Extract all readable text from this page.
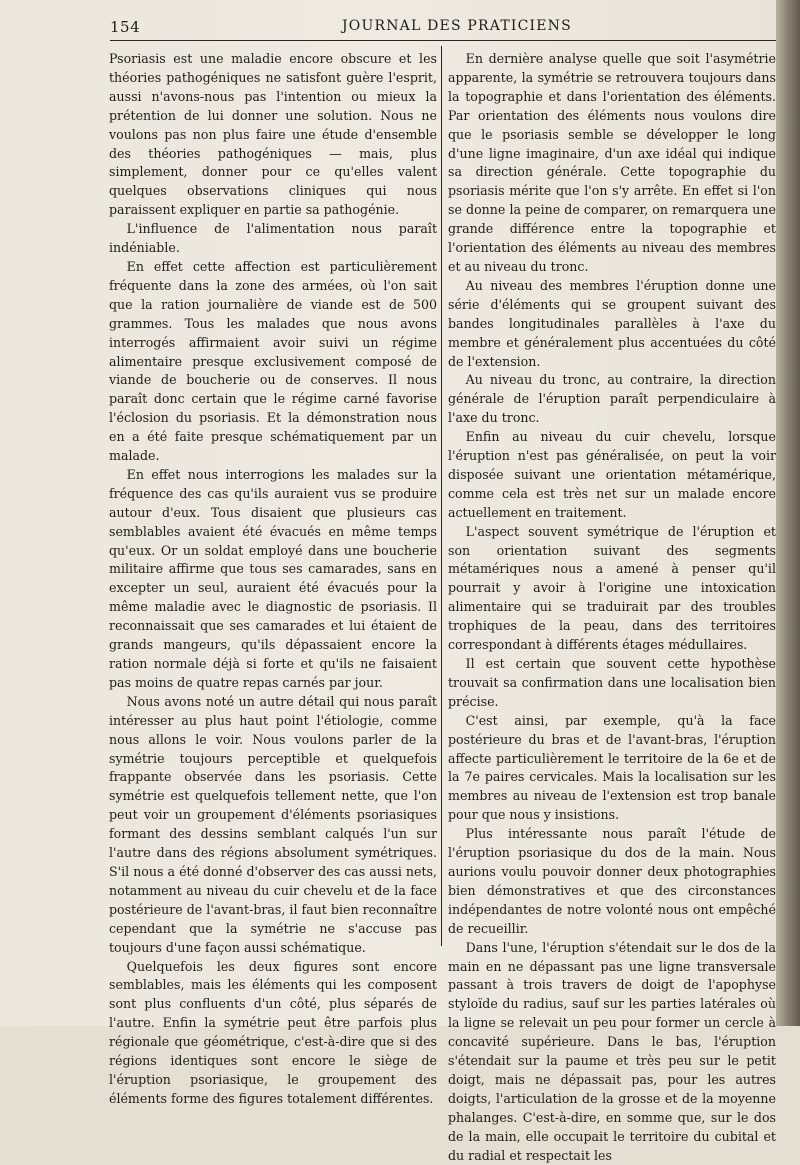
154	JOURNAL DES PRATICIENS

Psoriasis est une maladie encore obscure et les théories pathogéniques ne satisfont guère l'esprit, aussi n'avons-nous pas l'intention ou mieux la prétention de lui donner une solution. Nous ne voulons pas non plus faire une étude d'ensemble des théories pathogéniques — mais, plus simplement, donner pour ce qu'elles valent quelques observations cliniques qui nous paraissent expliquer en partie sa pathogénie.

L'influence de l'alimentation nous paraît indéniable.

En effet cette affection est particulièrement fréquente dans la zone des armées, où l'on sait que la ration journalière de viande est de 500 grammes. Tous les malades que nous avons interrogés affirmaient avoir suivi un régime alimentaire presque exclusivement composé de viande de boucherie ou de conserves. Il nous paraît donc certain que le régime carné favorise l'éclosion du psoriasis. Et la démonstration nous en a été faite presque schématiquement par un malade.

En effet nous interrogions les malades sur la fréquence des cas qu'ils auraient vus se produire autour d'eux. Tous disaient que plusieurs cas semblables avaient été évacués en même temps qu'eux. Or un soldat employé dans une boucherie militaire affirme que tous ses camarades, sans en excepter un seul, auraient été évacués pour la même maladie avec le diagnostic de psoriasis. Il reconnaissait que ses camarades et lui étaient de grands mangeurs, qu'ils dépassaient encore la ration normale déjà si forte et qu'ils ne faisaient pas moins de quatre repas carnés par jour.

Nous avons noté un autre détail qui nous paraît intéresser au plus haut point l'étiologie, comme nous allons le voir. Nous voulons parler de la symétrie toujours perceptible et quelquefois frappante observée dans les psoriasis. Cette symétrie est quelquefois tellement nette, que l'on peut voir un groupement d'éléments psoriasiques formant des dessins semblant calqués l'un sur l'autre dans des régions absolument symétriques. S'il nous a été donné d'observer des cas aussi nets, notamment au niveau du cuir chevelu et de la face postérieure de l'avant-bras, il faut bien reconnaître cependant que la symétrie ne s'accuse pas toujours d'une façon aussi schématique.

Quelquefois les deux figures sont encore semblables, mais les éléments qui les composent sont plus confluents d'un côté, plus séparés de l'autre. Enfin la symétrie peut être parfois plus régionale que géométrique, c'est-à-dire que si des régions identiques sont encore le siège de l'éruption psoriasique, le groupement des éléments forme des figures totalement différentes.

En dernière analyse quelle que soit l'asymétrie apparente, la symétrie se retrouvera toujours dans la topographie et dans l'orientation des éléments. Par orientation des éléments nous voulons dire que le psoriasis semble se développer le long d'une ligne imaginaire, d'un axe idéal qui indique sa direction générale. Cette topographie du psoriasis mérite que l'on s'y arrête. En effet si l'on se donne la peine de comparer, on remarquera une grande différence entre la topographie et l'orientation des éléments au niveau des membres et au niveau du tronc.

Au niveau des membres l'éruption donne une série d'éléments qui se groupent suivant des bandes longitudinales parallèles à l'axe du membre et généralement plus accentuées du côté de l'extension.

Au niveau du tronc, au contraire, la direction générale de l'éruption paraît perpendiculaire à l'axe du tronc.

Enfin au niveau du cuir chevelu, lorsque l'éruption n'est pas généralisée, on peut la voir disposée suivant une orientation métamérique, comme cela est très net sur un malade encore actuellement en traitement.

L'aspect souvent symétrique de l'éruption et son orientation suivant des segments métamériques nous a amené à penser qu'il pourrait y avoir à l'origine une intoxication alimentaire qui se traduirait par des troubles trophiques de la peau, dans des territoires correspondant à différents étages médullaires.

Il est certain que souvent cette hypothèse trouvait sa confirmation dans une localisation bien précise.

C'est ainsi, par exemple, qu'à la face postérieure du bras et de l'avant-bras, l'éruption affecte particulièrement le territoire de la 6e et de la 7e paires cervicales. Mais la localisation sur les membres au niveau de l'extension est trop banale pour que nous y insistions.

Plus intéressante nous paraît l'étude de l'éruption psoriasique du dos de la main. Nous aurions voulu pouvoir donner deux photographies bien démonstratives et que des circonstances indépendantes de notre volonté nous ont empêché de recueillir.

Dans l'une, l'éruption s'étendait sur le dos de la main en ne dépassant pas une ligne transversale passant à trois travers de doigt de l'apophyse styloïde du radius, sauf sur les parties latérales où la ligne se relevait un peu pour former un cercle à concavité supérieure. Dans le bas, l'éruption s'étendait sur la paume et très peu sur le petit doigt, mais ne dépassait pas, pour les autres doigts, l'articulation de la grosse et de la moyenne phalanges. C'est-à-dire, en somme que, sur le dos de la main, elle occupait le territoire du cubital et du radial et respectait les
